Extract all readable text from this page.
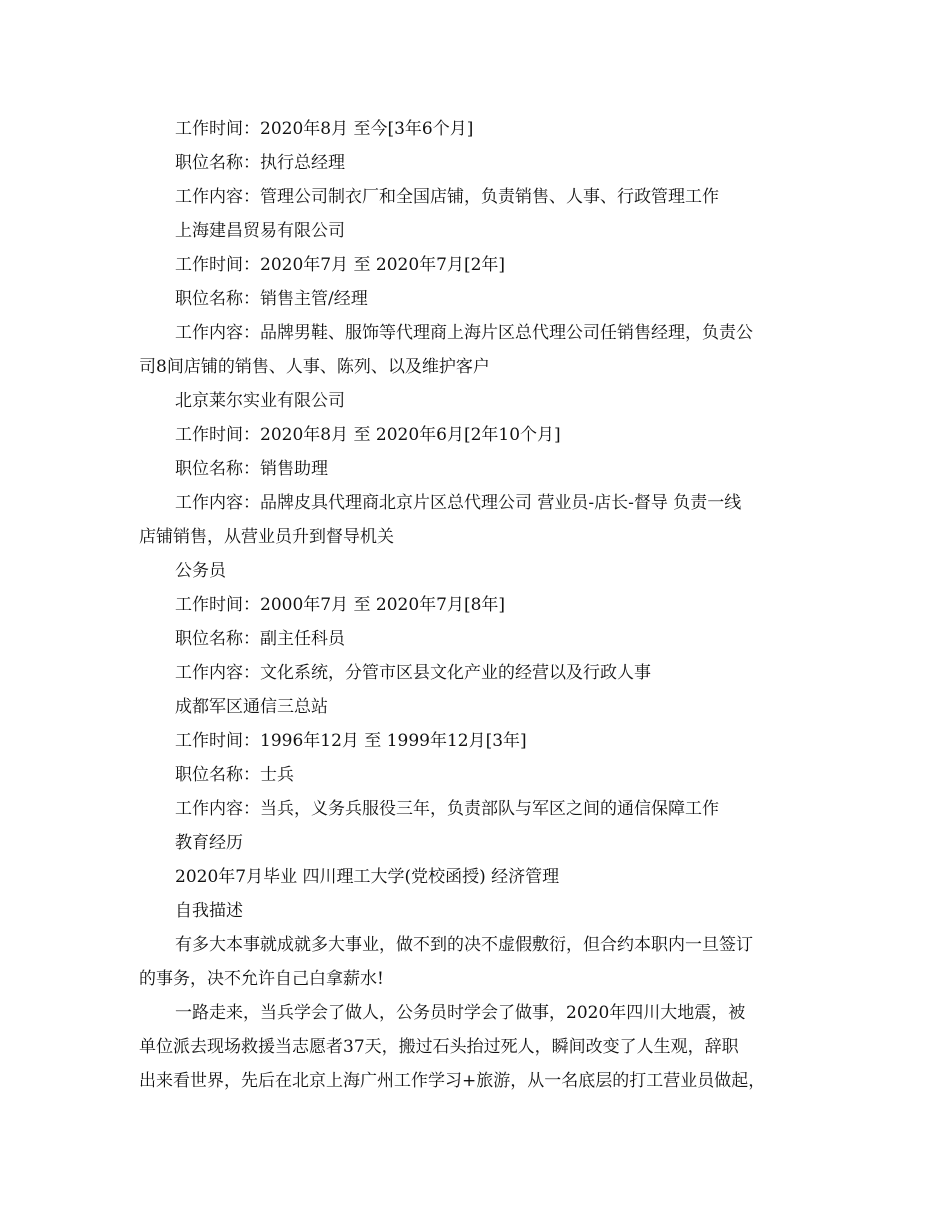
工作时间：2020年8月 至今[3年6个月]
职位名称：执行总经理
工作内容：管理公司制衣厂和全国店铺，负责销售、人事、行政管理工作
上海建昌贸易有限公司
工作时间：2020年7月 至 2020年7月[2年]
职位名称：销售主管/经理
工作内容：品牌男鞋、服饰等代理商上海片区总代理公司任销售经理，负责公
司8间店铺的销售、人事、陈列、以及维护客户
北京莱尔实业有限公司
工作时间：2020年8月 至 2020年6月[2年10个月]
职位名称：销售助理
工作内容：品牌皮具代理商北京片区总代理公司 营业员-店长-督导 负责一线
店铺销售，从营业员升到督导机关
公务员
工作时间：2000年7月 至 2020年7月[8年]
职位名称：副主任科员
工作内容：文化系统，分管市区县文化产业的经营以及行政人事
成都军区通信三总站
工作时间：1996年12月 至 1999年12月[3年]
职位名称：士兵
工作内容：当兵，义务兵服役三年，负责部队与军区之间的通信保障工作
教育经历
2020年7月毕业 四川理工大学(党校函授) 经济管理
自我描述
有多大本事就成就多大事业，做不到的决不虚假敷衍，但合约本职内一旦签订
的事务，决不允许自己白拿薪水!
一路走来，当兵学会了做人，公务员时学会了做事，2020年四川大地震，被
单位派去现场救援当志愿者37天，搬过石头抬过死人，瞬间改变了人生观，辞职
出来看世界，先后在北京上海广州工作学习+旅游，从一名底层的打工营业员做起，
